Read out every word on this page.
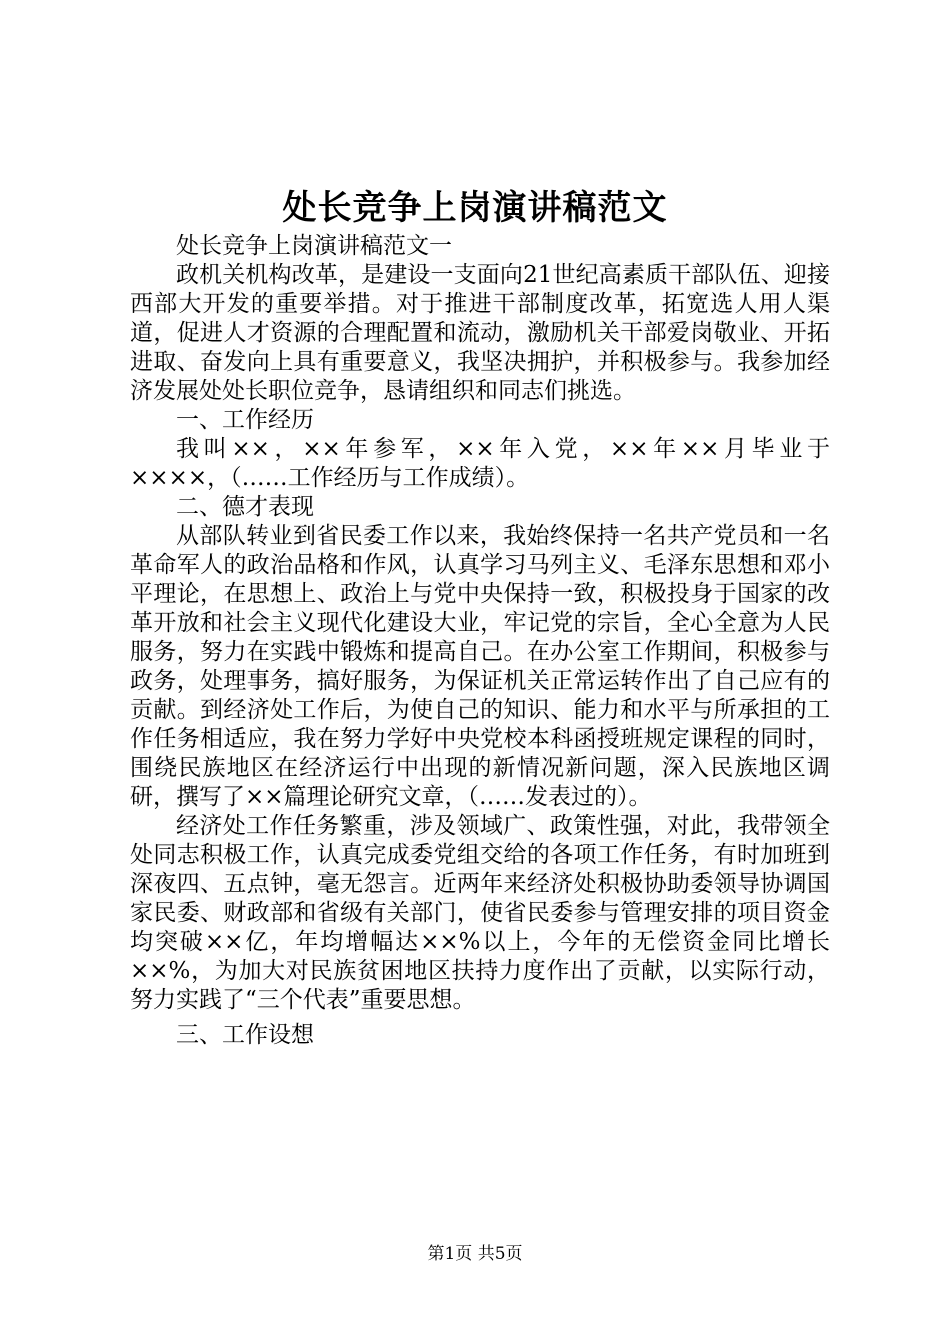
处长竞争上岗演讲稿范文

处长竞争上岗演讲稿范文一

政机关机构改革，是建设一支面向21世纪高素质干部队伍、迎接西部大开发的重要举措。对于推进干部制度改革，拓宽选人用人渠道，促进人才资源的合理配置和流动，激励机关干部爱岗敬业、开拓进取、奋发向上具有重要意义，我坚决拥护，并积极参与。我参加经济发展处处长职位竞争，恳请组织和同志们挑选。

一、工作经历

我叫××，××年参军，××年入党，××年××月毕业于××××，（……工作经历与工作成绩）。

二、德才表现

从部队转业到省民委工作以来，我始终保持一名共产党员和一名革命军人的政治品格和作风，认真学习马列主义、毛泽东思想和邓小平理论，在思想上、政治上与党中央保持一致，积极投身于国家的改革开放和社会主义现代化建设大业，牢记党的宗旨，全心全意为人民服务，努力在实践中锻炼和提高自己。在办公室工作期间，积极参与政务，处理事务，搞好服务，为保证机关正常运转作出了自己应有的贡献。到经济处工作后，为使自己的知识、能力和水平与所承担的工作任务相适应，我在努力学好中央党校本科函授班规定课程的同时，围绕民族地区在经济运行中出现的新情况新问题，深入民族地区调研，撰写了××篇理论研究文章，（……发表过的）。

经济处工作任务繁重，涉及领域广、政策性强，对此，我带领全处同志积极工作，认真完成委党组交给的各项工作任务，有时加班到深夜四、五点钟，毫无怨言。近两年来经济处积极协助委领导协调国家民委、财政部和省级有关部门，使省民委参与管理安排的项目资金均突破××亿，年均增幅达××%以上，今年的无偿资金同比增长××%，为加大对民族贫困地区扶持力度作出了贡献，以实际行动，努力实践了“三个代表”重要思想。

三、工作设想

第1页 共5页
